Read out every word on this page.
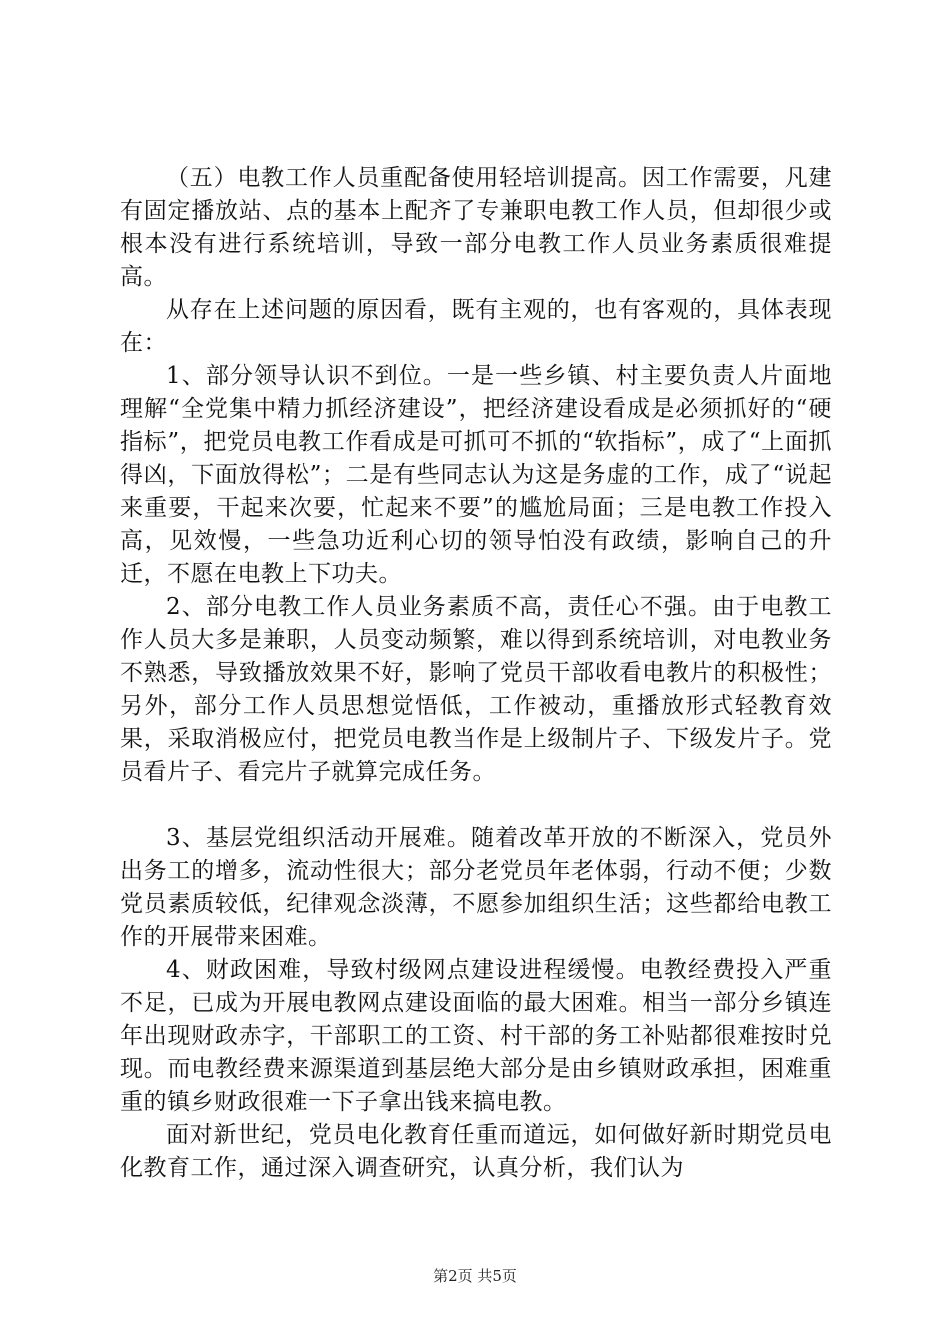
（五）电教工作人员重配备使用轻培训提高。因工作需要，凡建有固定播放站、点的基本上配齐了专兼职电教工作人员，但却很少或根本没有进行系统培训，导致一部分电教工作人员业务素质很难提高。

从存在上述问题的原因看，既有主观的，也有客观的，具体表现在：

1、部分领导认识不到位。一是一些乡镇、村主要负责人片面地理解“全党集中精力抓经济建设”，把经济建设看成是必须抓好的“硬指标”，把党员电教工作看成是可抓可不抓的“软指标”，成了“上面抓得凶，下面放得松”；二是有些同志认为这是务虚的工作，成了“说起来重要，干起来次要，忙起来不要”的尴尬局面；三是电教工作投入高，见效慢，一些急功近利心切的领导怕没有政绩，影响自己的升迁，不愿在电教上下功夫。

2、部分电教工作人员业务素质不高，责任心不强。由于电教工作人员大多是兼职，人员变动频繁，难以得到系统培训，对电教业务不熟悉，导致播放效果不好，影响了党员干部收看电教片的积极性；另外，部分工作人员思想觉悟低，工作被动，重播放形式轻教育效果，采取消极应付，把党员电教当作是上级制片子、下级发片子。党员看片子、看完片子就算完成任务。

3、基层党组织活动开展难。随着改革开放的不断深入，党员外出务工的增多，流动性很大；部分老党员年老体弱，行动不便；少数党员素质较低，纪律观念淡薄，不愿参加组织生活；这些都给电教工作的开展带来困难。

4、财政困难，导致村级网点建设进程缓慢。电教经费投入严重不足，已成为开展电教网点建设面临的最大困难。相当一部分乡镇连年出现财政赤字，干部职工的工资、村干部的务工补贴都很难按时兑现。而电教经费来源渠道到基层绝大部分是由乡镇财政承担，困难重重的镇乡财政很难一下子拿出钱来搞电教。

面对新世纪，党员电化教育任重而道远，如何做好新时期党员电化教育工作，通过深入调查研究，认真分析，我们认为

第2页 共5页
